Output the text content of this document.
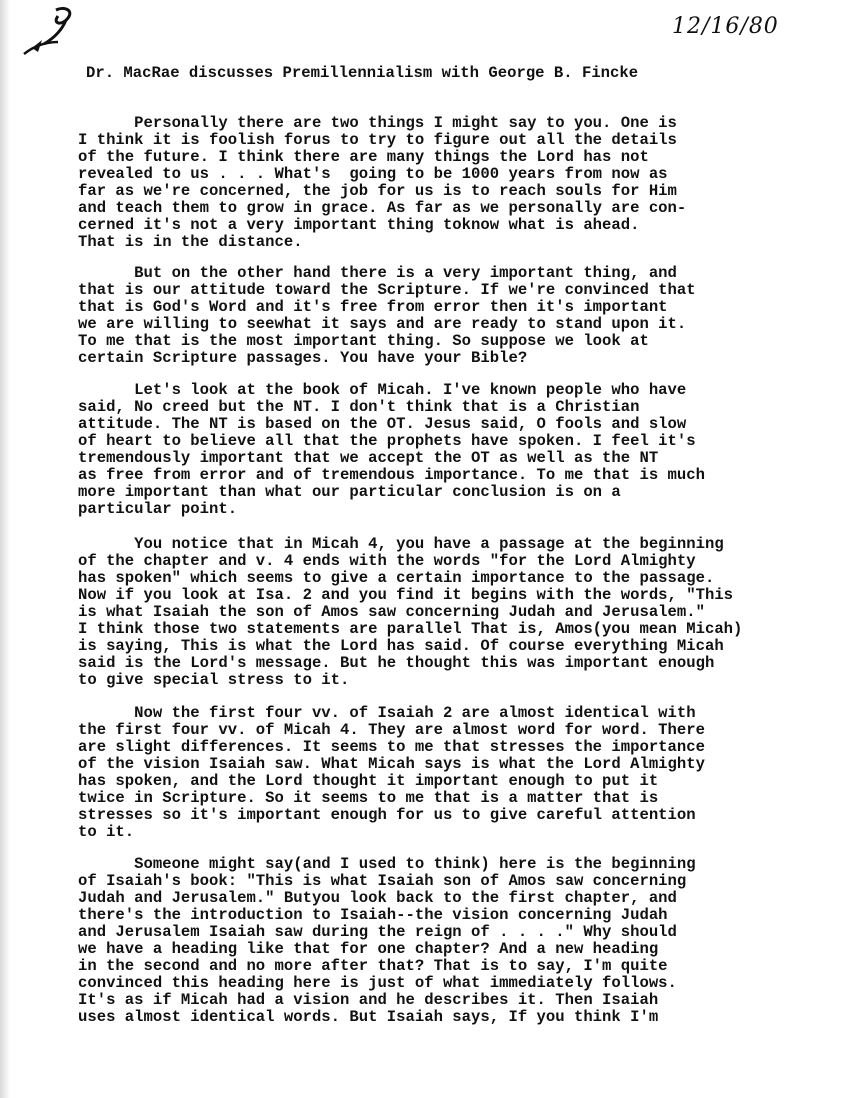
12/16/80
Dr. MacRae discusses Premillennialism with George B. Fincke
Personally there are two things I might say to you. One is
I think it is foolish forus to try to figure out all the details
of the future. I think there are many things the Lord has not
revealed to us . . . What's  going to be 1000 years from now as
far as we're concerned, the job for us is to reach souls for Him
and teach them to grow in grace. As far as we personally are con-
cerned it's not a very important thing toknow what is ahead.
That is in the distance.
But on the other hand there is a very important thing, and
that is our attitude toward the Scripture. If we're convinced that
that is God's Word and it's free from error then it's important
we are willing to seewhat it says and are ready to stand upon it.
To me that is the most important thing. So suppose we look at
certain Scripture passages. You have your Bible?
Let's look at the book of Micah. I've known people who have
said, No creed but the NT. I don't think that is a Christian
attitude. The NT is based on the OT. Jesus said, O fools and slow
of heart to believe all that the prophets have spoken. I feel it's
tremendously important that we accept the OT as well as the NT
as free from error and of tremendous importance. To me that is much
more important than what our particular conclusion is on a
particular point.
You notice that in Micah 4, you have a passage at the beginning
of the chapter and v. 4 ends with the words "for the Lord Almighty
has spoken" which seems to give a certain importance to the passage.
Now if you look at Isa. 2 and you find it begins with the words, "This
is what Isaiah the son of Amos saw concerning Judah and Jerusalem."
I think those two statements are parallel That is, Amos(you mean Micah)
is saying, This is what the Lord has said. Of course everything Micah
said is the Lord's message. But he thought this was important enough
to give special stress to it.
Now the first four vv. of Isaiah 2 are almost identical with
the first four vv. of Micah 4. They are almost word for word. There
are slight differences. It seems to me that stresses the importance
of the vision Isaiah saw. What Micah says is what the Lord Almighty
has spoken, and the Lord thought it important enough to put it
twice in Scripture. So it seems to me that is a matter that is
stresses so it's important enough for us to give careful attention
to it.
Someone might say(and I used to think) here is the beginning
of Isaiah's book: "This is what Isaiah son of Amos saw concerning
Judah and Jerusalem." Butyou look back to the first chapter, and
there's the introduction to Isaiah--the vision concerning Judah
and Jerusalem Isaiah saw during the reign of . . . ." Why should
we have a heading like that for one chapter? And a new heading
in the second and no more after that? That is to say, I'm quite
convinced this heading here is just of what immediately follows.
It's as if Micah had a vision and he describes it. Then Isaiah
uses almost identical words. But Isaiah says, If you think I'm
